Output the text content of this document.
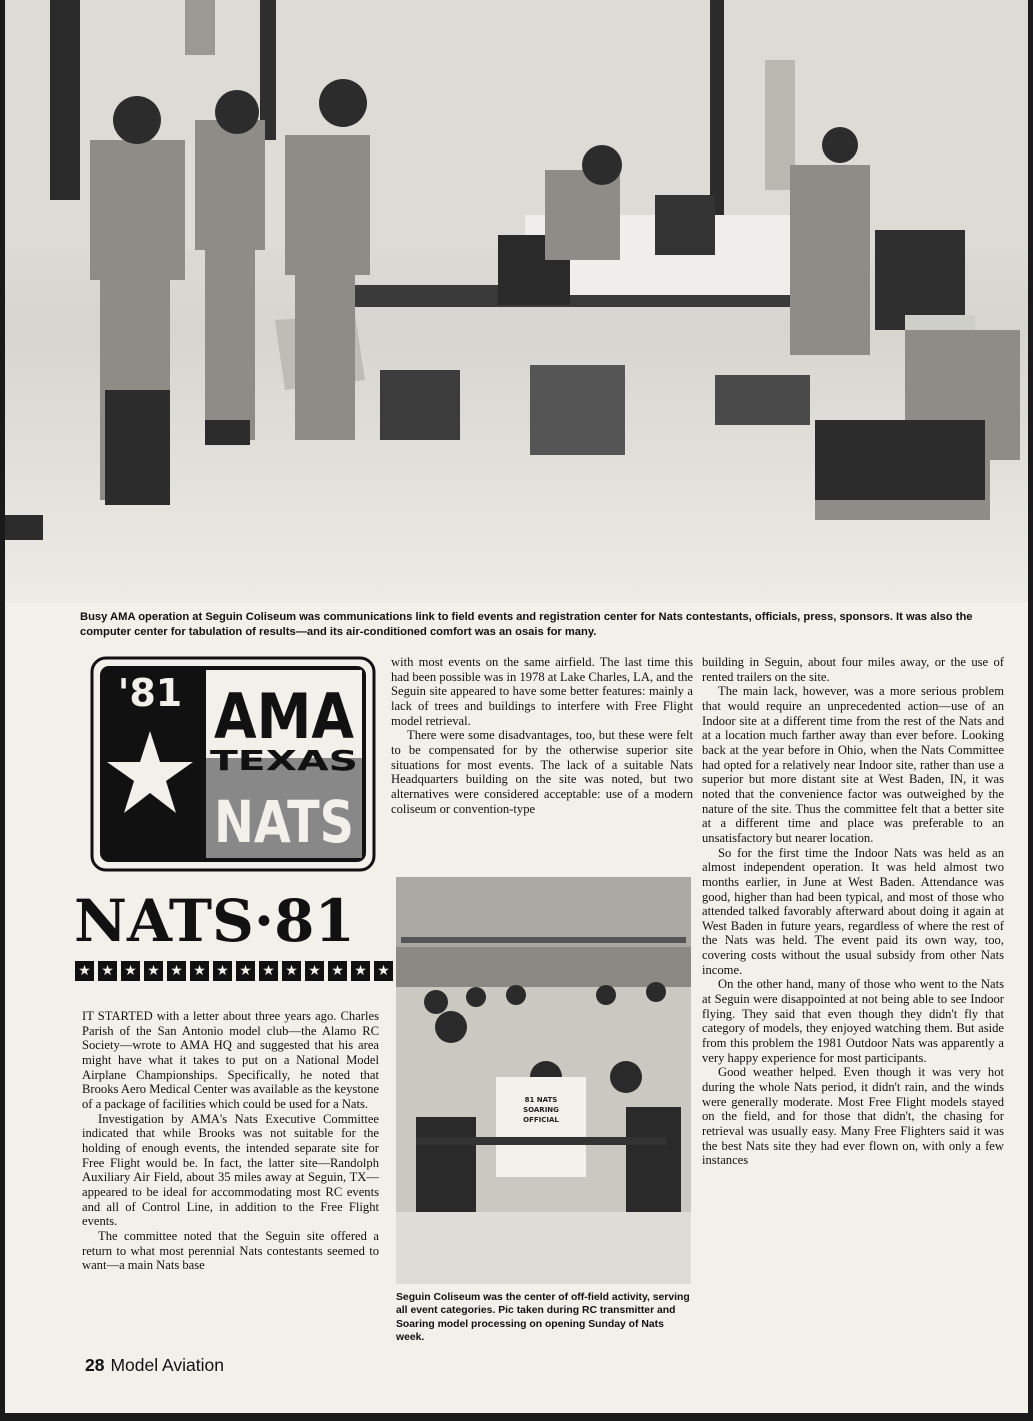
Busy AMA operation at Seguin Coliseum was communications link to field events and registration center for Nats contestants, officials, press, sponsors. It was also the computer center for tabulation of results—and its air-conditioned comfort was an osais for many.
'81 AMA
TEXAS
NATS
NATS·81
★ ★ ★ ★ ★ ★ ★ ★ ★ ★ ★ ★ ★ ★

IT STARTED with a letter about three years ago. Charles Parish of the San Antonio model club—the Alamo RC Society—wrote to AMA HQ and suggested that his area might have what it takes to put on a National Model Airplane Championships. Specifically, he noted that Brooks Aero Medical Center was available as the keystone of a package of facilities which could be used for a Nats.

Investigation by AMA's Nats Executive Committee indicated that while Brooks was not suitable for the holding of enough events, the intended separate site for Free Flight would be. In fact, the latter site—Randolph Auxiliary Air Field, about 35 miles away at Seguin, TX—appeared to be ideal for accommodating most RC events and all of Control Line, in addition to the Free Flight events.

The committee noted that the Seguin site offered a return to what most perennial Nats contestants seemed to want—a main Nats base

with most events on the same airfield. The last time this had been possible was in 1978 at Lake Charles, LA, and the Seguin site appeared to have some better features: mainly a lack of trees and buildings to interfere with Free Flight model retrieval.

There were some disadvantages, too, but these were felt to be compensated for by the otherwise superior site situations for most events. The lack of a suitable Nats Headquarters building on the site was noted, but two alternatives were considered acceptable: use of a modern coliseum or convention-type

81 NATS
SOARING
OFFICIAL
Seguin Coliseum was the center of off-field activity, serving all event categories. Pic taken during RC transmitter and Soaring model processing on opening Sunday of Nats week.

building in Seguin, about four miles away, or the use of rented trailers on the site.

The main lack, however, was a more serious problem that would require an unprecedented action—use of an Indoor site at a different time from the rest of the Nats and at a location much farther away than ever before. Looking back at the year before in Ohio, when the Nats Committee had opted for a relatively near Indoor site, rather than use a superior but more distant site at West Baden, IN, it was noted that the convenience factor was outweighed by the nature of the site. Thus the committee felt that a better site at a different time and place was preferable to an unsatisfactory but nearer location.

So for the first time the Indoor Nats was held as an almost independent operation. It was held almost two months earlier, in June at West Baden. Attendance was good, higher than had been typical, and most of those who attended talked favorably afterward about doing it again at West Baden in future years, regardless of where the rest of the Nats was held. The event paid its own way, too, covering costs without the usual subsidy from other Nats income.

On the other hand, many of those who went to the Nats at Seguin were disappointed at not being able to see Indoor flying. They said that even though they didn't fly that category of models, they enjoyed watching them. But aside from this problem the 1981 Outdoor Nats was apparently a very happy experience for most participants.

Good weather helped. Even though it was very hot during the whole Nats period, it didn't rain, and the winds were generally moderate. Most Free Flight models stayed on the field, and for those that didn't, the chasing for retrieval was usually easy. Many Free Flighters said it was the best Nats site they had ever flown on, with only a few instances

28 Model Aviation
